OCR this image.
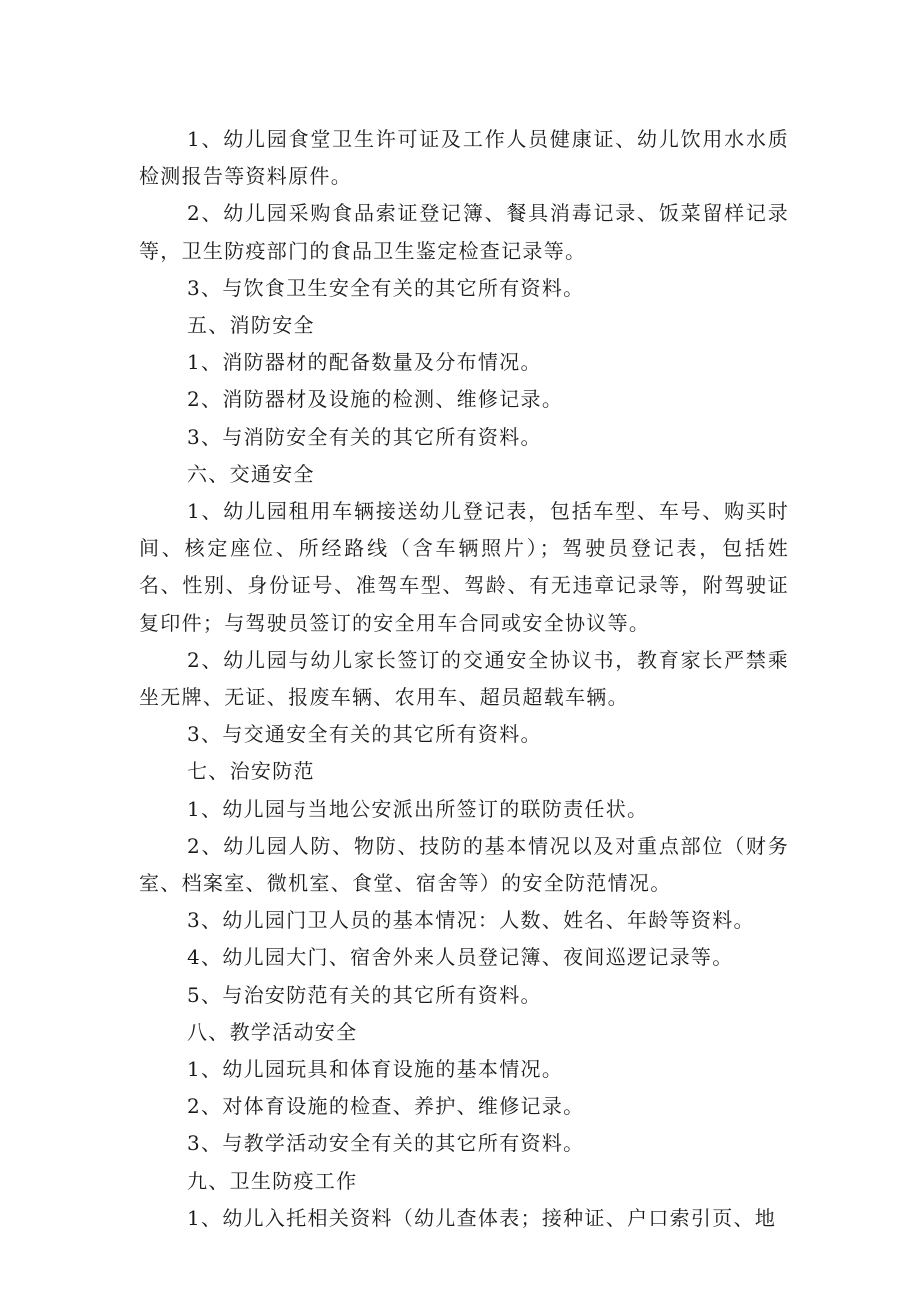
1、幼儿园食堂卫生许可证及工作人员健康证、幼儿饮用水水质检测报告等资料原件。

2、幼儿园采购食品索证登记簿、餐具消毒记录、饭菜留样记录等，卫生防疫部门的食品卫生鉴定检查记录等。

3、与饮食卫生安全有关的其它所有资料。

五、消防安全

1、消防器材的配备数量及分布情况。

2、消防器材及设施的检测、维修记录。

3、与消防安全有关的其它所有资料。

六、交通安全

1、幼儿园租用车辆接送幼儿登记表，包括车型、车号、购买时间、核定座位、所经路线（含车辆照片）；驾驶员登记表，包括姓名、性别、身份证号、准驾车型、驾龄、有无违章记录等，附驾驶证复印件；与驾驶员签订的安全用车合同或安全协议等。

2、幼儿园与幼儿家长签订的交通安全协议书，教育家长严禁乘坐无牌、无证、报废车辆、农用车、超员超载车辆。

3、与交通安全有关的其它所有资料。

七、治安防范

1、幼儿园与当地公安派出所签订的联防责任状。

2、幼儿园人防、物防、技防的基本情况以及对重点部位（财务室、档案室、微机室、食堂、宿舍等）的安全防范情况。

3、幼儿园门卫人员的基本情况：人数、姓名、年龄等资料。

4、幼儿园大门、宿舍外来人员登记簿、夜间巡逻记录等。

5、与治安防范有关的其它所有资料。

八、教学活动安全

1、幼儿园玩具和体育设施的基本情况。

2、对体育设施的检查、养护、维修记录。

3、与教学活动安全有关的其它所有资料。

九、卫生防疫工作

1、幼儿入托相关资料（幼儿查体表；接种证、户口索引页、地
